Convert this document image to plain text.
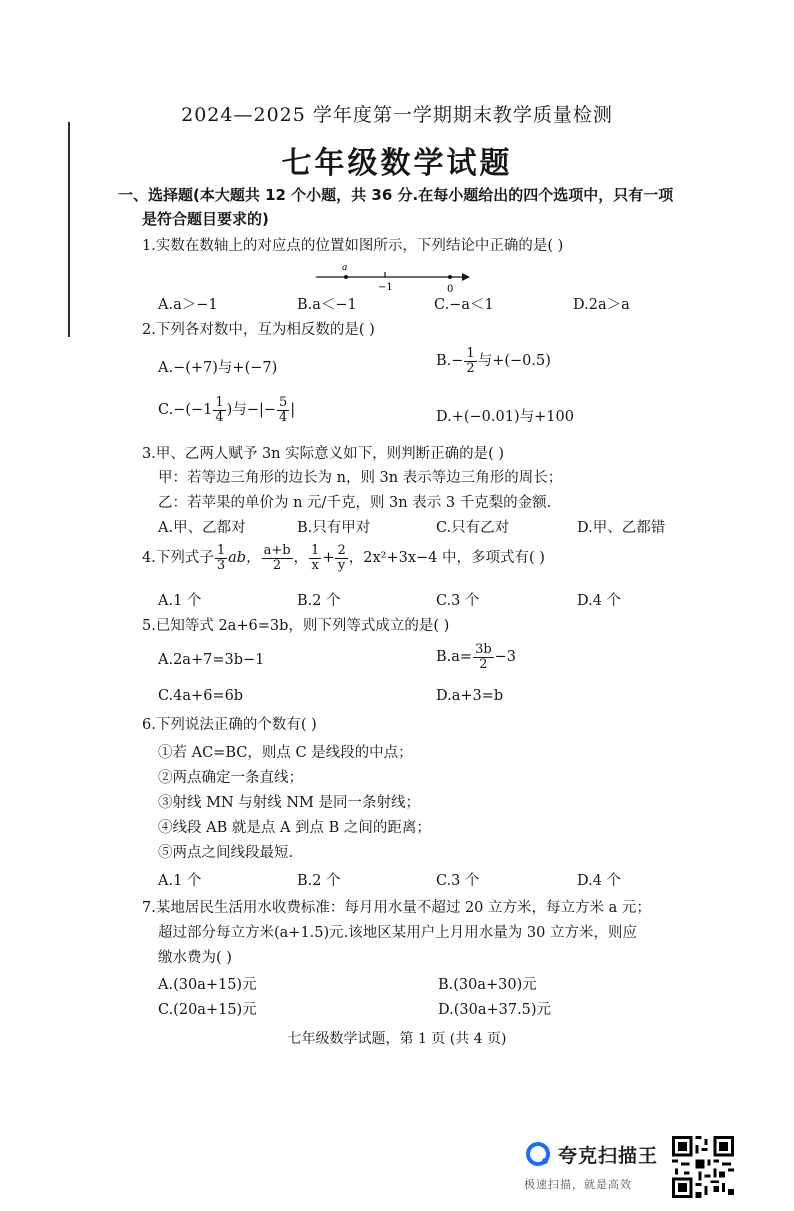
2024—2025 学年度第一学期期末教学质量检测
七年级数学试题
一、选择题(本大题共 12 个小题，共 36 分.在每小题给出的四个选项中，只有一项
是符合题目要求的)
1.实数在数轴上的对应点的位置如图所示，下列结论中正确的是( )
a
−1	0
A.a＞−1	B.a＜−1	C.−a＜1	D.2a＞a
2.下列各对数中，互为相反数的是( )
A.−(+7)与+(−7)	$B.- \frac{1}{2}$ 与+(−0.5)
$C.-(-1 \frac{1}{4}$ )与−|− $\frac{5}{4}$ |	D.+(−0.01)与+100
3.甲、乙两人赋予 3n 实际意义如下，则判断正确的是( )
甲：若等边三角形的边长为 n，则 3n 表示等边三角形的周长；
乙：若苹果的单价为 n 元/千克，则 3n 表示 3 千克梨的金额.
A.甲、乙都对	B.只有甲对	C.只有乙对	D.甲、乙都错
4.下列式子 $\frac{1}{3}$ ab， $\frac{a+b}{2}$ ， $\frac{1}{x} + \frac{2}{y}$ ，2x²+3x−4 中，多项式有( )
A.1 个	B.2 个	C.3 个	D.4 个
5.已知等式 2a+6=3b，则下列等式成立的是( )
A.2a+7=3b−1	$B.a= \frac{3b}{2} -3$
C.4a+6=6b	D.a+3=b
6.下列说法正确的个数有( )
①若 AC=BC，则点 C 是线段的中点；
②两点确定一条直线；
③射线 MN 与射线 NM 是同一条射线；
④线段 AB 就是点 A 到点 B 之间的距离；
⑤两点之间线段最短.
A.1 个	B.2 个	C.3 个	D.4 个
7.某地居民生活用水收费标准：每月用水量不超过 20 立方米，每立方米 a 元；
超过部分每立方米(a+1.5)元.该地区某用户上月用水量为 30 立方米，则应
缴水费为( )
A.(30a+15)元	B.(30a+30)元
C.(20a+15)元	D.(30a+37.5)元
七年级数学试题，第 1 页 (共 4 页)
夸克扫描王
极速扫描，就是高效
